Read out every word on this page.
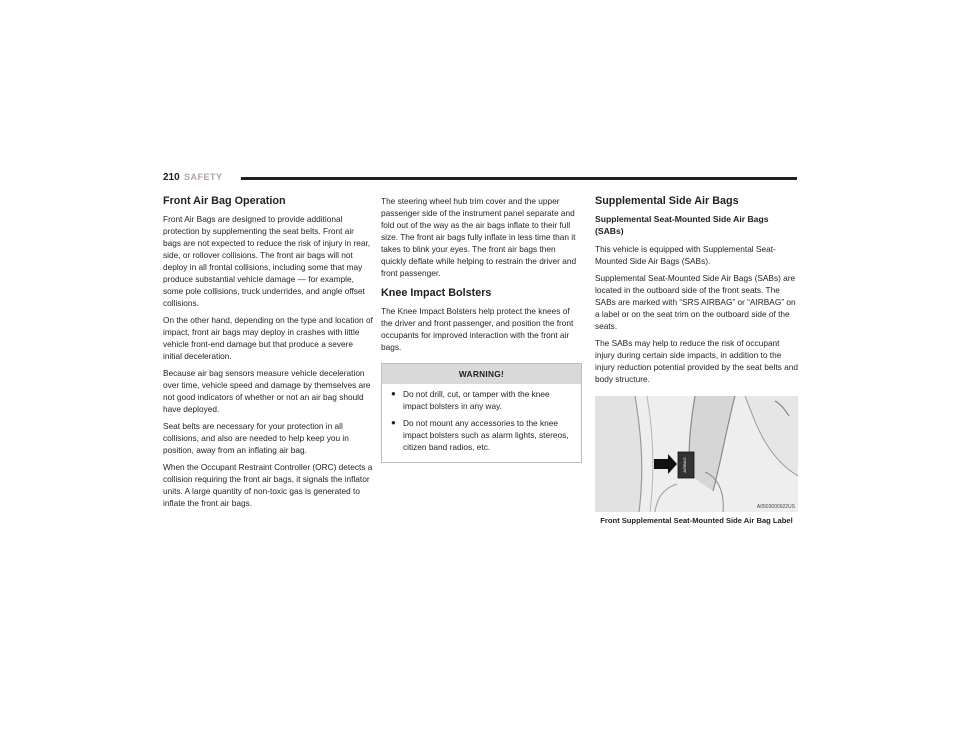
210 SAFETY
Front Air Bag Operation

Front Air Bags are designed to provide additional protection by supplementing the seat belts. Front air bags are not expected to reduce the risk of injury in rear, side, or rollover collisions. The front air bags will not deploy in all frontal collisions, including some that may produce substantial vehicle damage — for example, some pole collisions, truck underrides, and angle offset collisions.

On the other hand, depending on the type and location of impact, front air bags may deploy in crashes with little vehicle front-end damage but that produce a severe initial deceleration.

Because air bag sensors measure vehicle deceleration over time, vehicle speed and damage by themselves are not good indicators of whether or not an air bag should have deployed.

Seat belts are necessary for your protection in all collisions, and also are needed to help keep you in position, away from an inflating air bag.

When the Occupant Restraint Controller (ORC) detects a collision requiring the front air bags, it signals the inflator units. A large quantity of non-toxic gas is generated to inflate the front air bags.

The steering wheel hub trim cover and the upper passenger side of the instrument panel separate and fold out of the way as the air bags inflate to their full size. The front air bags fully inflate in less time than it takes to blink your eyes. The front air bags then quickly deflate while helping to restrain the driver and front passenger.

Knee Impact Bolsters

The Knee Impact Bolsters help protect the knees of the driver and front passenger, and position the front occupants for improved interaction with the front air bags.

WARNING!
● Do not drill, cut, or tamper with the knee impact bolsters in any way.
● Do not mount any accessories to the knee impact bolsters such as alarm lights, stereos, citizen band radios, etc.
Supplemental Side Air Bags
Supplemental Seat-Mounted Side Air Bags (SABs)

This vehicle is equipped with Supplemental Seat-Mounted Side Air Bags (SABs).

Supplemental Seat-Mounted Side Air Bags (SABs) are located in the outboard side of the front seats. The SABs are marked with “SRS AIRBAG” or “AIRBAG” on a label or on the seat trim on the outboard side of the seats.

The SABs may help to reduce the risk of occupant injury during certain side impacts, in addition to the injury reduction potential provided by the seat belts and body structure.

AIRBAG
A0503000922US
Front Supplemental Seat-Mounted Side Air Bag Label
